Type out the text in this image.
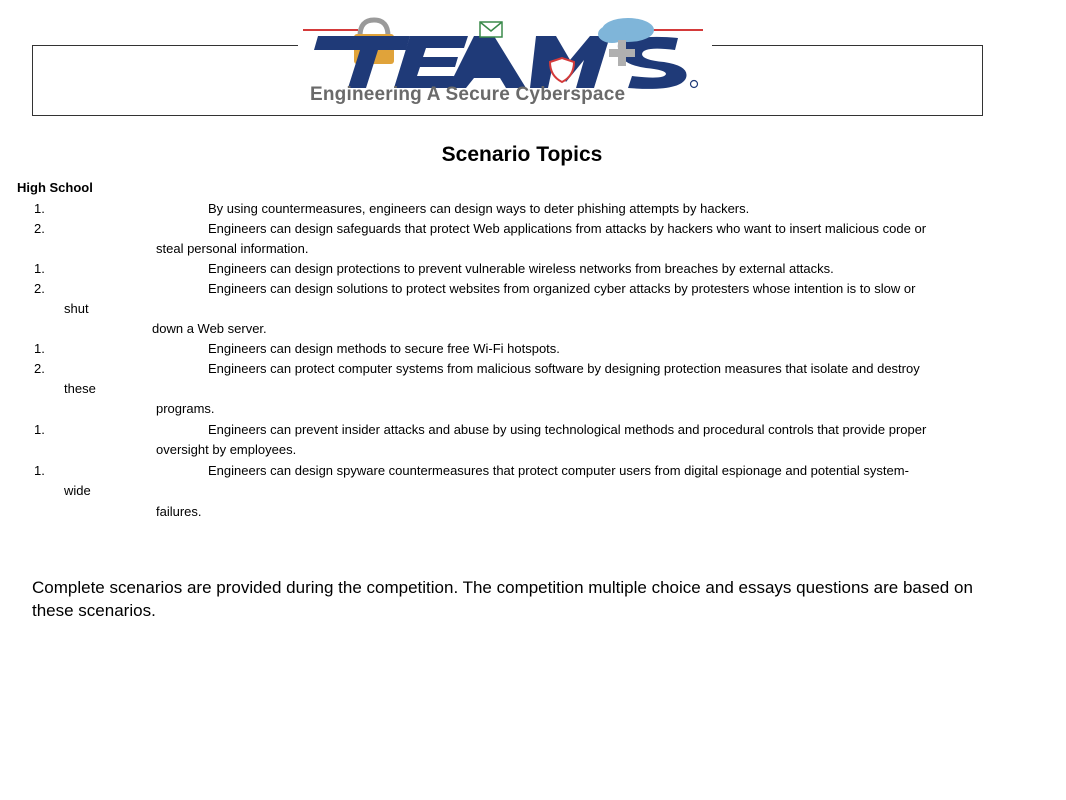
Engineering A Secure Cyberspace
Scenario Topics
High School
1.	By using countermeasures, engineers can design ways to deter phishing attempts by hackers.
2.	Engineers can design safeguards that protect Web applications from attacks by hackers who want to insert malicious code or
steal personal information.
1.	Engineers can design protections to prevent vulnerable wireless networks from breaches by external attacks.
2.	Engineers can design solutions to protect websites from organized cyber attacks by protesters whose intention is to slow or
shut
down a Web server.
1.	Engineers can design methods to secure free Wi-Fi hotspots.
2.	Engineers can protect computer systems from malicious software by designing protection measures that isolate and destroy
these
programs.
1.	Engineers can prevent insider attacks and abuse by using technological methods and procedural controls that provide proper
oversight by employees.
1.	Engineers can design spyware countermeasures that protect computer users from digital espionage and potential system-
wide
failures.
Complete scenarios are provided during the competition. The competition multiple choice and essays questions are based on these scenarios.
